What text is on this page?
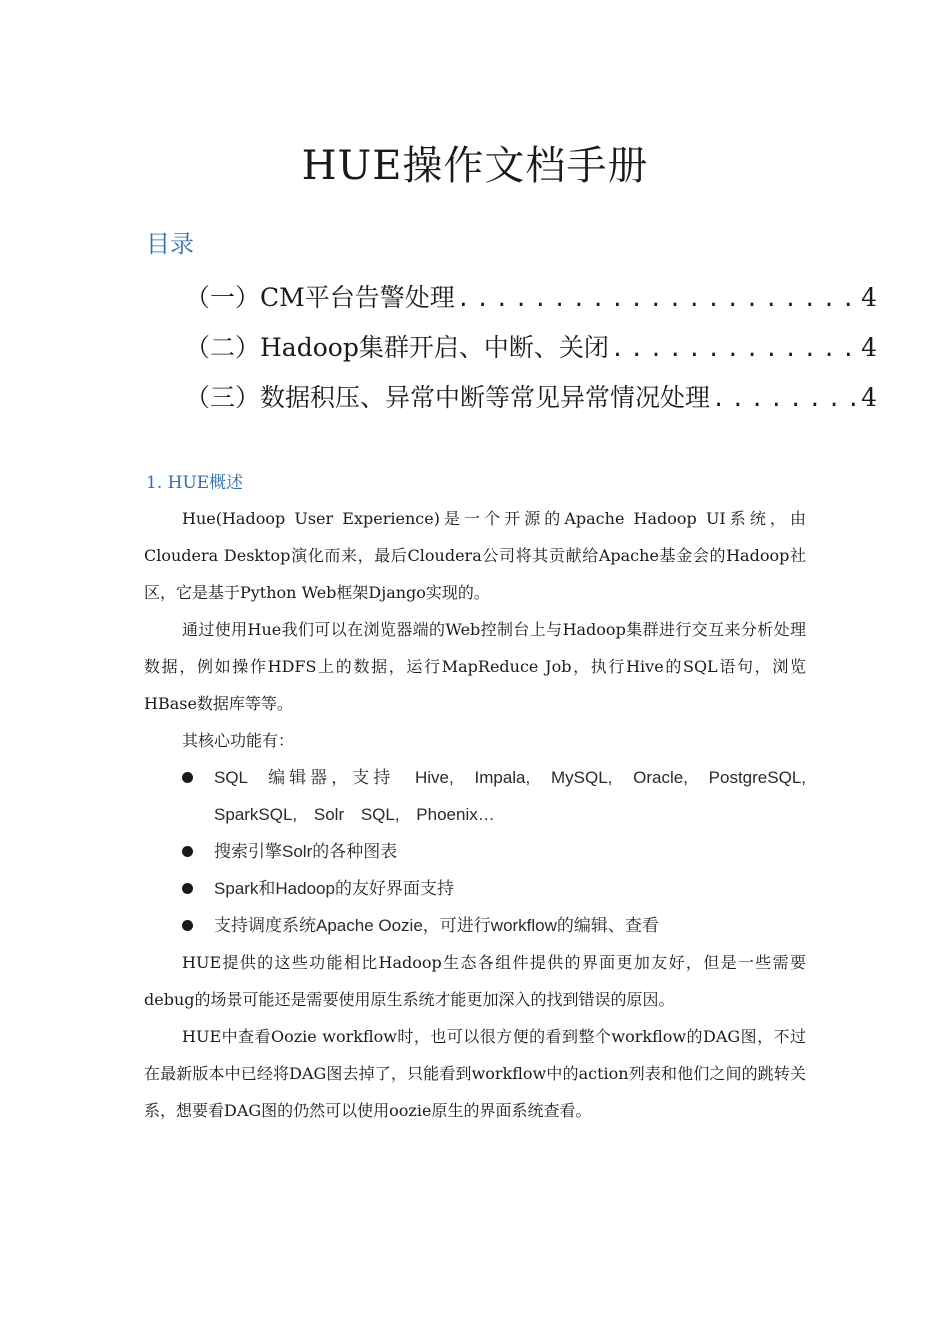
HUE操作文档手册
目录
（一）CM平台告警处理 .....	4
（二）Hadoop集群开启、中断、关闭 .....	4
（三）数据积压、异常中断等常见异常情况处理 .....	4
1. HUE概述

Hue(Hadoop User Experience)是一个开源的Apache Hadoop UI系统，由Cloudera Desktop演化而来，最后Cloudera公司将其贡献给Apache基金会的Hadoop社区，它是基于Python Web框架Django实现的。

通过使用Hue我们可以在浏览器端的Web控制台上与Hadoop集群进行交互来分析处理数据，例如操作HDFS上的数据，运行MapReduce Job，执行Hive的SQL语句，浏览HBase数据库等等。

其核心功能有：

SQL 编辑器，支持 Hive, Impala, MySQL, Oracle, PostgreSQL, SparkSQL, Solr SQL, Phoenix…
搜索引擎Solr的各种图表
Spark和Hadoop的友好界面支持
支持调度系统Apache Oozie，可进行workflow的编辑、查看

HUE提供的这些功能相比Hadoop生态各组件提供的界面更加友好，但是一些需要debug的场景可能还是需要使用原生系统才能更加深入的找到错误的原因。

HUE中查看Oozie workflow时，也可以很方便的看到整个workflow的DAG图，不过在最新版本中已经将DAG图去掉了，只能看到workflow中的action列表和他们之间的跳转关系，想要看DAG图的仍然可以使用oozie原生的界面系统查看。
